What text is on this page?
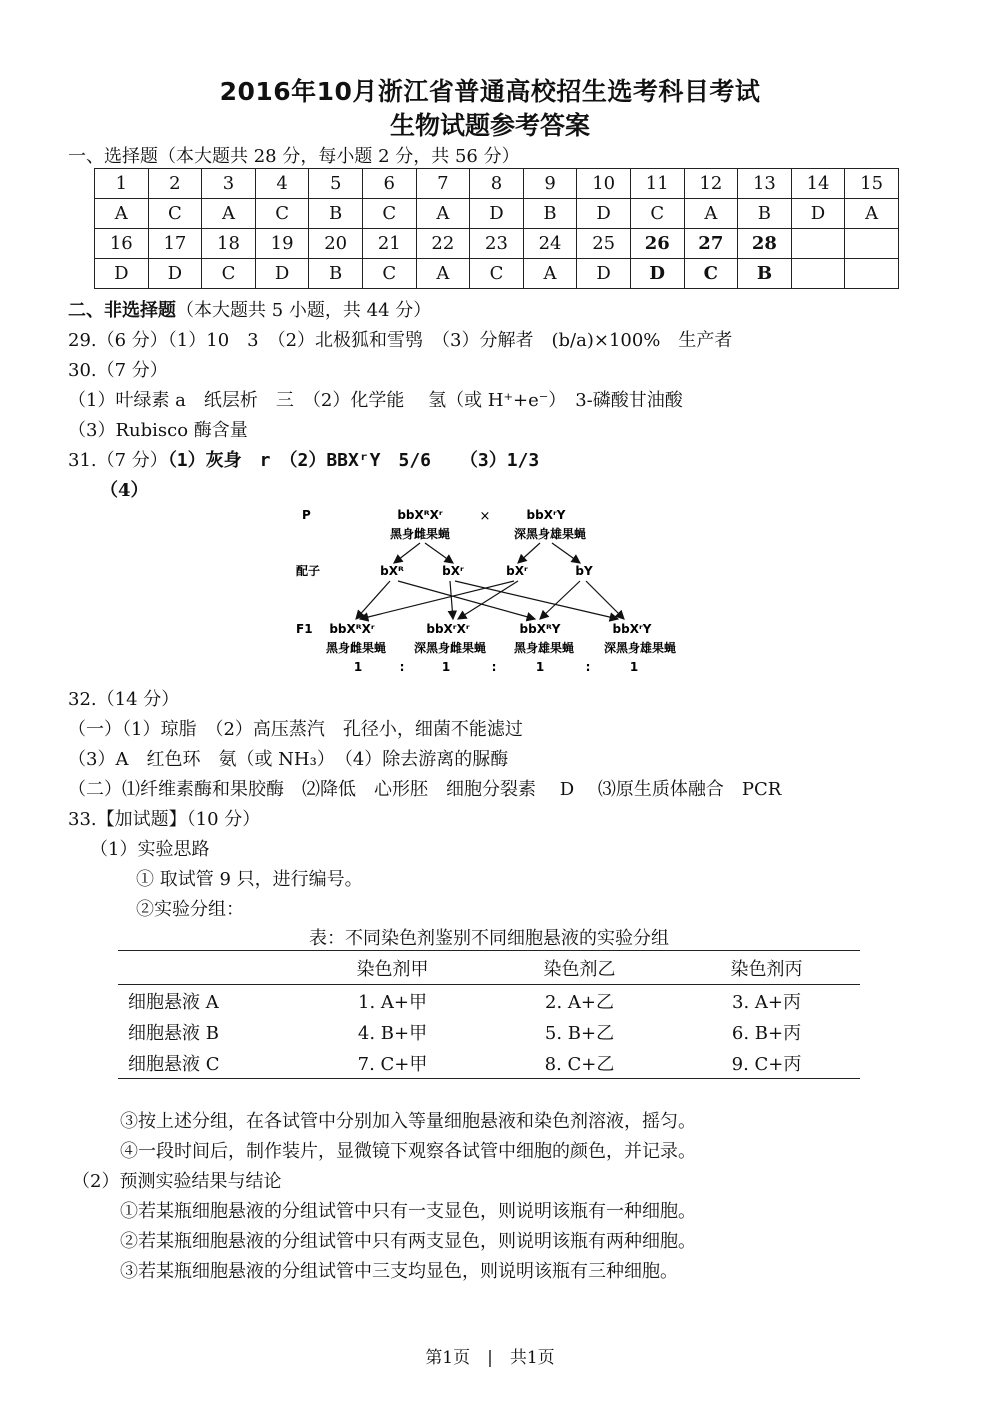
2016年10月浙江省普通高校招生选考科目考试
生物试题参考答案
一、选择题（本大题共 28 分，每小题 2 分，共 56 分）
1	2	3	4	5	6	7	8	9	10	11	12	13	14	15
A	C	A	C	B	C	A	D	B	D	C	A	B	D	A
16	17	18	19	20	21	22	23	24	25	26	27	28		
D	D	C	D	B	C	A	C	A	D	D	C	B		
二、非选择题（本大题共 5 小题，共 44 分）
29.（6 分）（1）10　3　（2）北极狐和雪鸮　（3）分解者　(b/a)×100%　生产者
30.（7 分）
（1）叶绿素 a　纸层析　三　（2）化学能　 氢（或 H⁺+e⁻）　3-磷酸甘油酸
（3）Rubisco 酶含量
31.（7 分）（1）灰身　r　（2）BBXʳY　5/6　 （3）1/3
（4）
P	bbXᴿXʳ	×	bbXʳY
黑身雌果蝇	深黑身雄果蝇
配子	bXᴿ	bXʳ	bXʳ	bY
F1 bbXᴿXʳ	bbXʳXʳ	bbXᴿY	bbXʳY
黑身雌果蝇 深黑身雌果蝇 黑身雄果蝇 深黑身雄果蝇
1	:	1	:	1	:	1
32.（14 分）
（一）（1）琼脂　（2）高压蒸汽　孔径小，细菌不能滤过
（3）A　红色环　氨（或 NH₃）　（4）除去游离的脲酶
（二）⑴纤维素酶和果胶酶　⑵降低　心形胚　细胞分裂素　 D　 ⑶原生质体融合　PCR
33.【加试题】（10 分）
（1）实验思路
① 取试管 9 只，进行编号。
②实验分组：
表：不同染色剂鉴别不同细胞悬液的实验分组
	染色剂甲	染色剂乙	染色剂丙
细胞悬液 A	1. A+甲	2. A+乙	3. A+丙
细胞悬液 B	4. B+甲	5. B+乙	6. B+丙
细胞悬液 C	7. C+甲	8. C+乙	9. C+丙
③按上述分组，在各试管中分别加入等量细胞悬液和染色剂溶液，摇匀。
④一段时间后，制作装片，显微镜下观察各试管中细胞的颜色，并记录。
（2）预测实验结果与结论
①若某瓶细胞悬液的分组试管中只有一支显色，则说明该瓶有一种细胞。
②若某瓶细胞悬液的分组试管中只有两支显色，则说明该瓶有两种细胞。
③若某瓶细胞悬液的分组试管中三支均显色，则说明该瓶有三种细胞。
第1页　|　共1页
